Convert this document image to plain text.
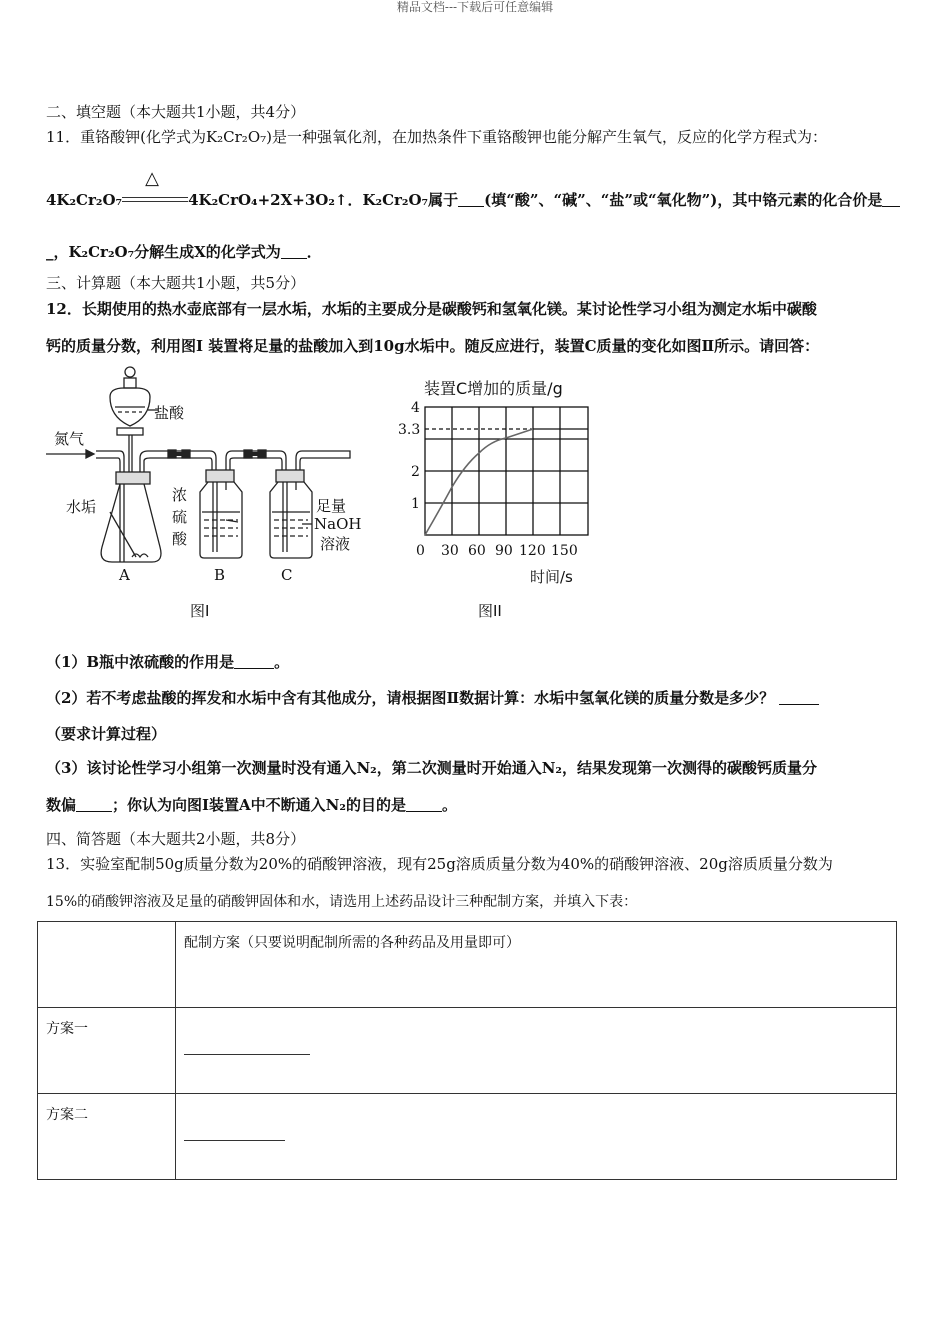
精品文档---下载后可任意编辑
二、填空题（本大题共1小题，共4分）
11．重铬酸钾(化学式为K₂Cr₂O₇)是一种强氧化剂，在加热条件下重铬酸钾也能分解产生氧气，反应的化学方程式为：
4K₂Cr₂O₇
△
4K₂CrO₄+2X+3O₂↑．K₂Cr₂O₇属于 (填“酸”、“碱”、“盐”或“氧化物”)，其中铬元素的化合价是
_，K₂Cr₂O₇分解生成X的化学式为 ．
三、计算题（本大题共1小题，共5分）
12．长期使用的热水壶底部有一层水垢，水垢的主要成分是碳酸钙和氢氧化镁。某讨论性学习小组为测定水垢中碳酸
钙的质量分数，利用图Ⅰ 装置将足量的盐酸加入到10g水垢中。随反应进行，装置C质量的变化如图Ⅱ所示。请回答：
盐酸
氮气
水垢
浓
硫
酸
足量
NaOH
溶液
A	B	C
图I
装置C增加的质量/g
4
3.3
2
1
0 30 60 90 120 150
时间/s
图II
（1）B瓶中浓硫酸的作用是	。
（2）若不考虑盐酸的挥发和水垢中含有其他成分，请根据图Ⅱ数据计算：水垢中氢氧化镁的质量分数是多少？
（要求计算过程）
（3）该讨论性学习小组第一次测量时没有通入N₂，第二次测量时开始通入N₂，结果发现第一次测得的碳酸钙质量分
数偏 ；你认为向图Ⅰ装置A中不断通入N₂的目的是 。
四、简答题（本大题共2小题，共8分）
13．实验室配制50g质量分数为20%的硝酸钾溶液，现有25g溶质质量分数为40%的硝酸钾溶液、20g溶质质量分数为
15%的硝酸钾溶液及足量的硝酸钾固体和水，请选用上述药品设计三种配制方案，并填入下表：
	配制方案（只要说明配制所需的各种药品及用量即可）
方案一	

方案二	
